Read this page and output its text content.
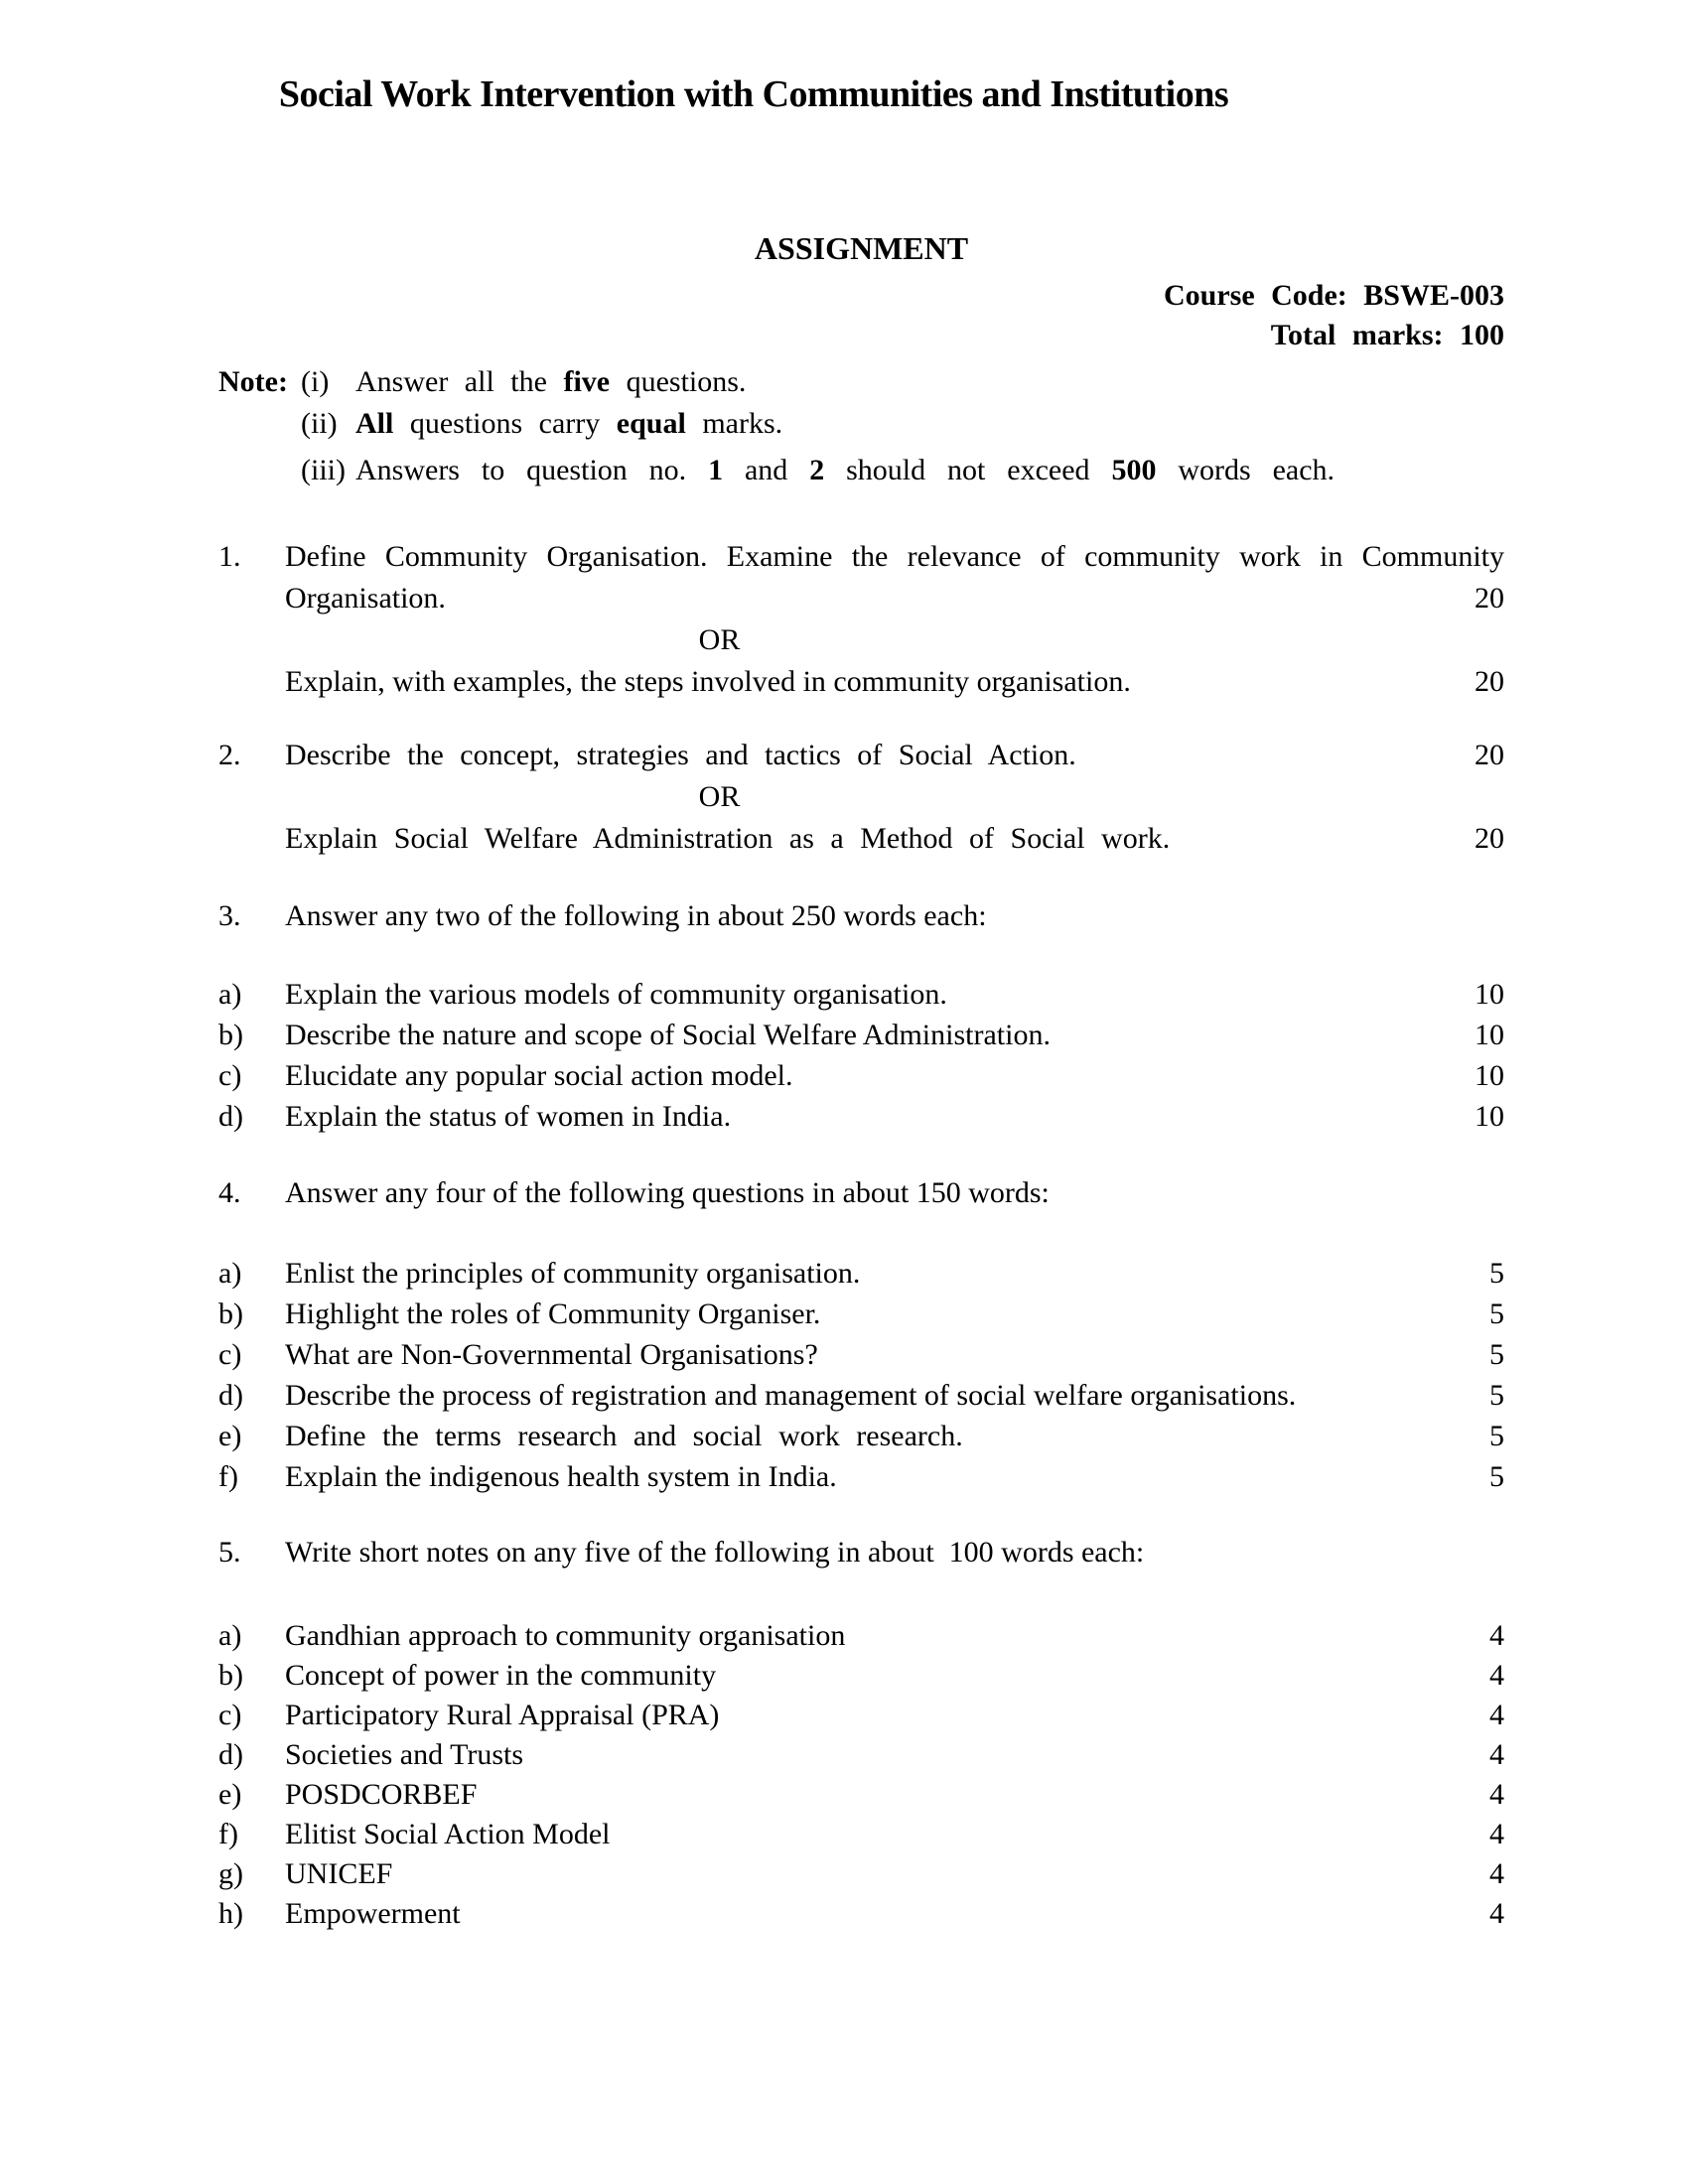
Social Work Intervention with Communities and Institutions
ASSIGNMENT
Course Code: BSWE-003
Total marks: 100
Note: (i) Answer all the five questions.
(ii) All questions carry equal marks.
(iii) Answers to question no. 1 and 2 should not exceed 500 words each.
1.	Define Community Organisation. Examine the relevance of community work in Community Organisation.	20
OR

Explain, with examples, the steps involved in community organisation.	20
2.	Describe the concept, strategies and tactics of Social Action.	20
OR

Explain Social Welfare Administration as a Method of Social work.	20
3.	Answer any two of the following in about 250 words each:

a)	Explain the various models of community organisation.	10
b)	Describe the nature and scope of Social Welfare Administration.	10
c)	Elucidate any popular social action model.	10
d)	Explain the status of women in India.	10
4.	Answer any four of the following questions in about 150 words:

a)	Enlist the principles of community organisation.	5
b)	Highlight the roles of Community Organiser.	5
c)	What are Non-Governmental Organisations?	5
d)	Describe the process of registration and management of social welfare organisations.	5
e)	Define the terms research and social work research.	5
f)	Explain the indigenous health system in India.	5
5.	Write short notes on any five of the following in about  100 words each:

a)	Gandhian approach to community organisation	4
b)	Concept of power in the community	4
c)	Participatory Rural Appraisal (PRA)	4
d)	Societies and Trusts	4
e)	POSDCORBEF	4
f)	Elitist Social Action Model	4
g)	UNICEF	4
h)	Empowerment	4
